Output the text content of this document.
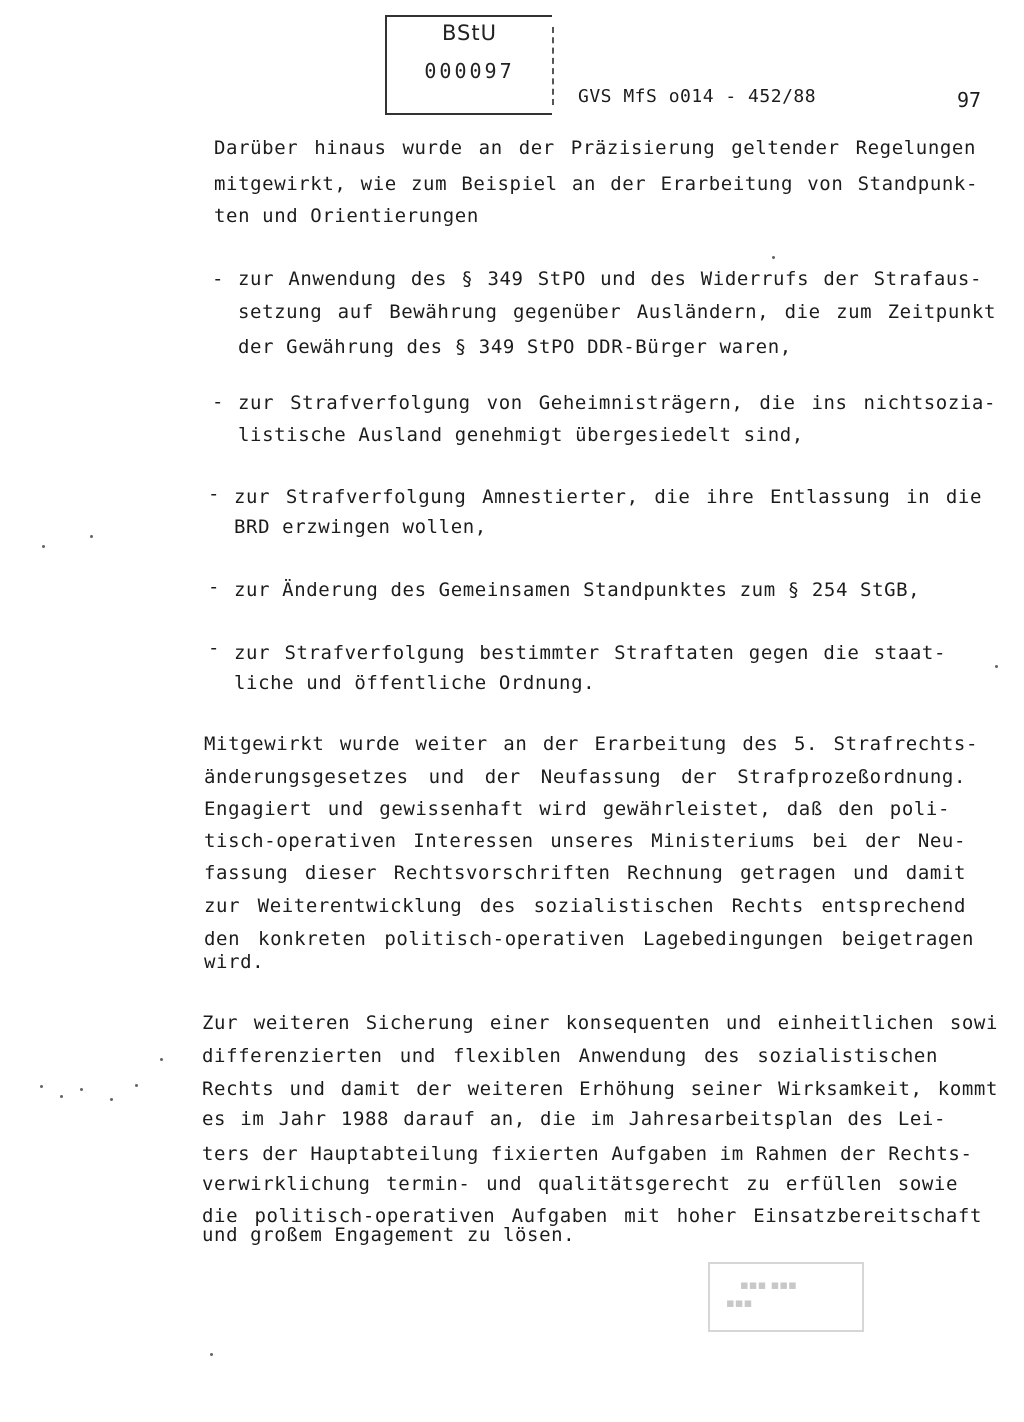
BStU
000097
GVS MfS o014 - 452/88	97
Darüber hinaus wurde an der Präzisierung geltender Regelungen
mitgewirkt, wie zum Beispiel an der Erarbeitung von Standpunk-
ten und Orientierungen
- zur Anwendung des § 349 StPO und des Widerrufs der Strafaus-
setzung auf Bewährung gegenüber Ausländern, die zum Zeitpunkt
der Gewährung des § 349 StPO DDR-Bürger waren,
- zur Strafverfolgung von Geheimnisträgern, die ins nichtsozia-
listische Ausland genehmigt übergesiedelt sind,
- zur Strafverfolgung Amnestierter, die ihre Entlassung in die
BRD erzwingen wollen,
- zur Änderung des Gemeinsamen Standpunktes zum § 254 StGB,
- zur Strafverfolgung bestimmter Straftaten gegen die staat-
liche und öffentliche Ordnung.
Mitgewirkt wurde weiter an der Erarbeitung des 5. Strafrechts-
änderungsgesetzes und der Neufassung der Strafprozeßordnung.
Engagiert und gewissenhaft wird gewährleistet, daß den poli-
tisch-operativen Interessen unseres Ministeriums bei der Neu-
fassung dieser Rechtsvorschriften Rechnung getragen und damit
zur Weiterentwicklung des sozialistischen Rechts entsprechend
den konkreten politisch-operativen Lagebedingungen beigetragen
wird.
Zur weiteren Sicherung einer konsequenten und einheitlichen sowi
differenzierten und flexiblen Anwendung des sozialistischen
Rechts und damit der weiteren Erhöhung seiner Wirksamkeit, kommt
es im Jahr 1988 darauf an, die im Jahresarbeitsplan des Lei-
ters der Hauptabteilung fixierten Aufgaben im Rahmen der Rechts-
verwirklichung termin- und qualitätsgerecht zu erfüllen sowie
die politisch-operativen Aufgaben mit hoher Einsatzbereitschaft
und großem Engagement zu lösen.
▪▪▪ ▪▪▪
▪▪▪
